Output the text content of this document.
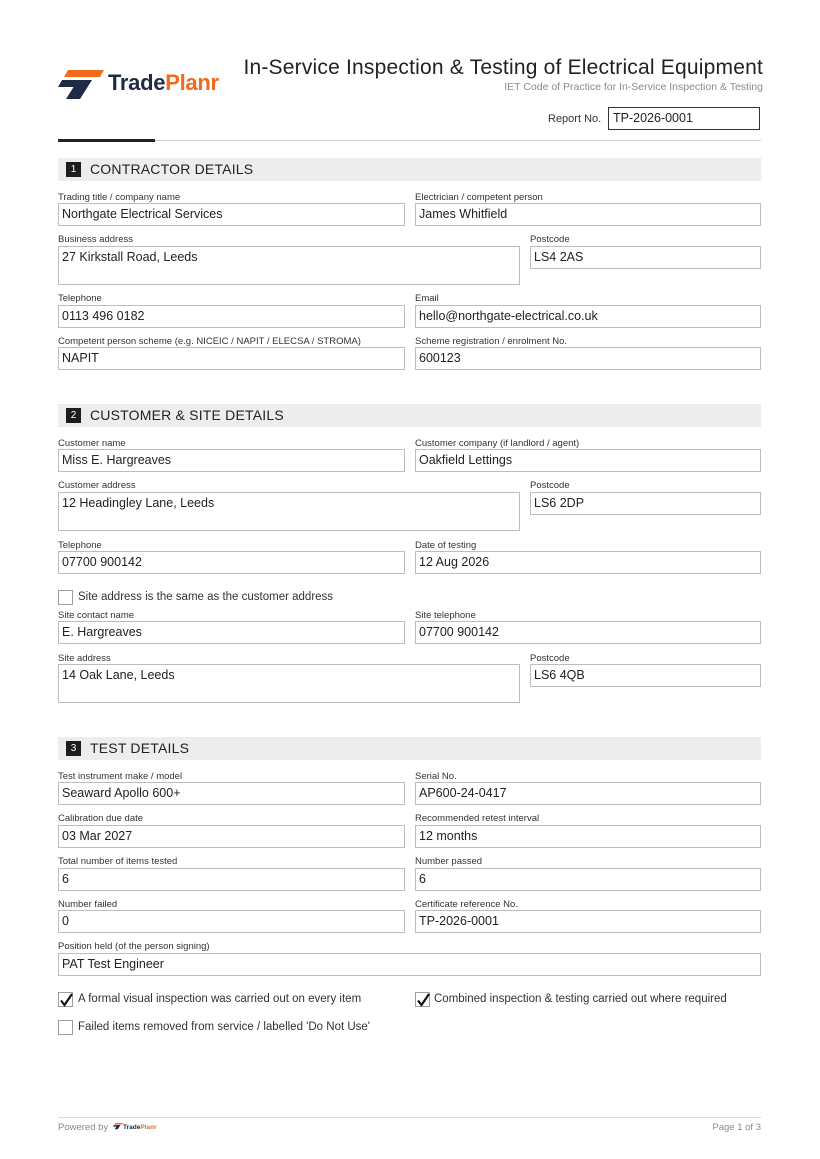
TradePlanr
In-Service Inspection & Testing of Electrical Equipment
IET Code of Practice for In-Service Inspection & Testing
Report No. TP-2026-0001
1 CONTRACTOR DETAILS
Trading title / company name
Northgate Electrical Services
Electrician / competent person
James Whitfield
Business address
27 Kirkstall Road, Leeds
Postcode
LS4 2AS
Telephone
0113 496 0182
Email
hello@northgate-electrical.co.uk
Competent person scheme (e.g. NICEIC / NAPIT / ELECSA / STROMA)
NAPIT
Scheme registration / enrolment No.
600123
2 CUSTOMER & SITE DETAILS
Customer name
Miss E. Hargreaves
Customer company (if landlord / agent)
Oakfield Lettings
Customer address
12 Headingley Lane, Leeds
Postcode
LS6 2DP
Telephone
07700 900142
Date of testing
12 Aug 2026
Site address is the same as the customer address
Site contact name
E. Hargreaves
Site telephone
07700 900142
Site address
14 Oak Lane, Leeds
Postcode
LS6 4QB
3 TEST DETAILS
Test instrument make / model
Seaward Apollo 600+
Serial No.
AP600-24-0417
Calibration due date
03 Mar 2027
Recommended retest interval
12 months
Total number of items tested
6
Number passed
6
Number failed
0
Certificate reference No.
TP-2026-0001
Position held (of the person signing)
PAT Test Engineer
A formal visual inspection was carried out on every item	Combined inspection & testing carried out where required
Failed items removed from service / labelled 'Do Not Use'
Powered by	TradePlanr	Page 1 of 3
